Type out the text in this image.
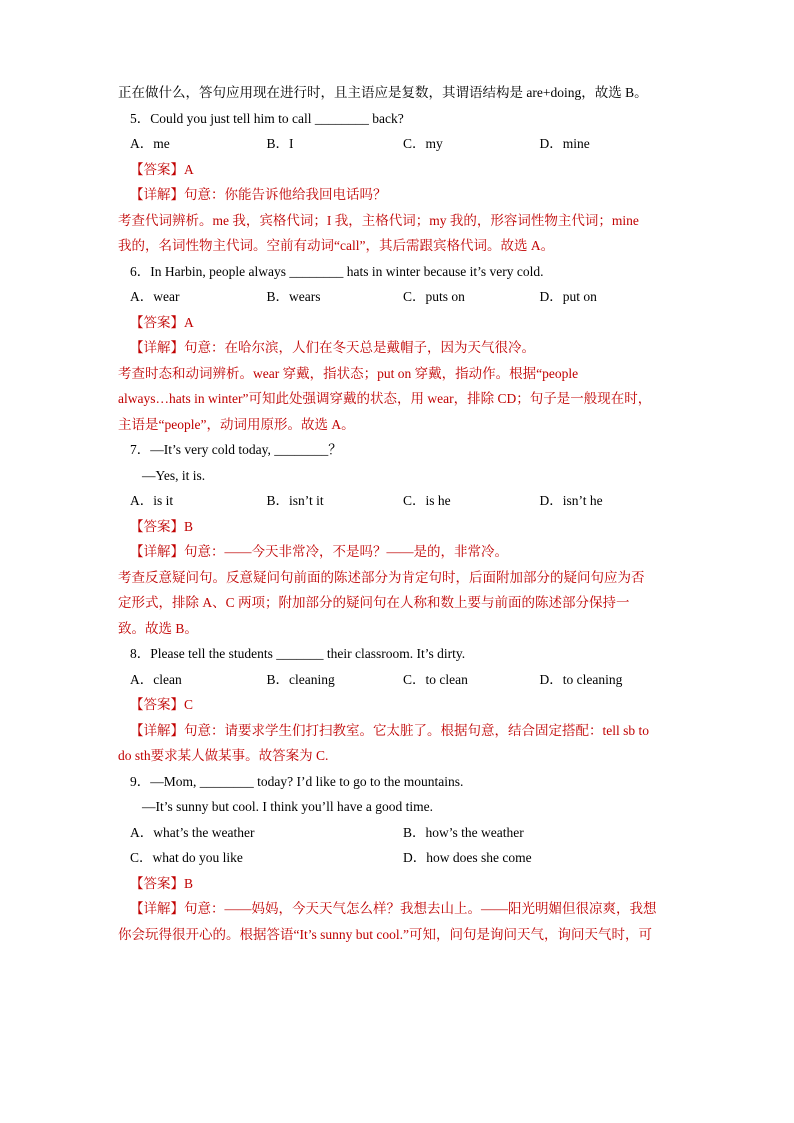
正在做什么，答句应用现在进行时，且主语应是复数，其谓语结构是 are+doing，故选 B。
5．Could you just tell him to call ________ back?
A．me	B．I	C．my	D．mine
【答案】A
【详解】句意：你能告诉他给我回电话吗？
考查代词辨析。me 我，宾格代词；I 我，主格代词；my 我的，形容词性物主代词；mine
我的，名词性物主代词。空前有动词“call”，其后需跟宾格代词。故选 A。
6．In Harbin, people always ________ hats in winter because it’s very cold.
A．wear	B．wears	C．puts on	D．put on
【答案】A
【详解】句意：在哈尔滨，人们在冬天总是戴帽子，因为天气很冷。
考查时态和动词辨析。wear 穿戴，指状态；put on 穿戴，指动作。根据“people
always…hats in winter”可知此处强调穿戴的状态，用 wear，排除 CD；句子是一般现在时，
主语是“people”，动词用原形。故选 A。
7．—It’s very cold today, ________？
—Yes, it is.
A．is it	B．isn’t it	C．is he	D．isn’t he
【答案】B
【详解】句意：——今天非常冷，不是吗？——是的，非常冷。
考查反意疑问句。反意疑问句前面的陈述部分为肯定句时，后面附加部分的疑问句应为否
定形式，排除 A、C 两项；附加部分的疑问句在人称和数上要与前面的陈述部分保持一
致。故选 B。
8．Please tell the students _______ their classroom. It’s dirty.
A．clean	B．cleaning	C．to clean	D．to cleaning
【答案】C
【详解】句意：请要求学生们打扫教室。它太脏了。根据句意，结合固定搭配：tell sb to
do sth要求某人做某事。故答案为 C.
9．—Mom, ________ today? I’d like to go to the mountains.
—It’s sunny but cool. I think you’ll have a good time.
A．what’s the weather	B．how’s the weather
C．what do you like	D．how does she come
【答案】B
【详解】句意：——妈妈，今天天气怎么样？我想去山上。——阳光明媚但很凉爽，我想
你会玩得很开心的。根据答语“It’s sunny but cool.”可知，问句是询问天气，询问天气时，可
